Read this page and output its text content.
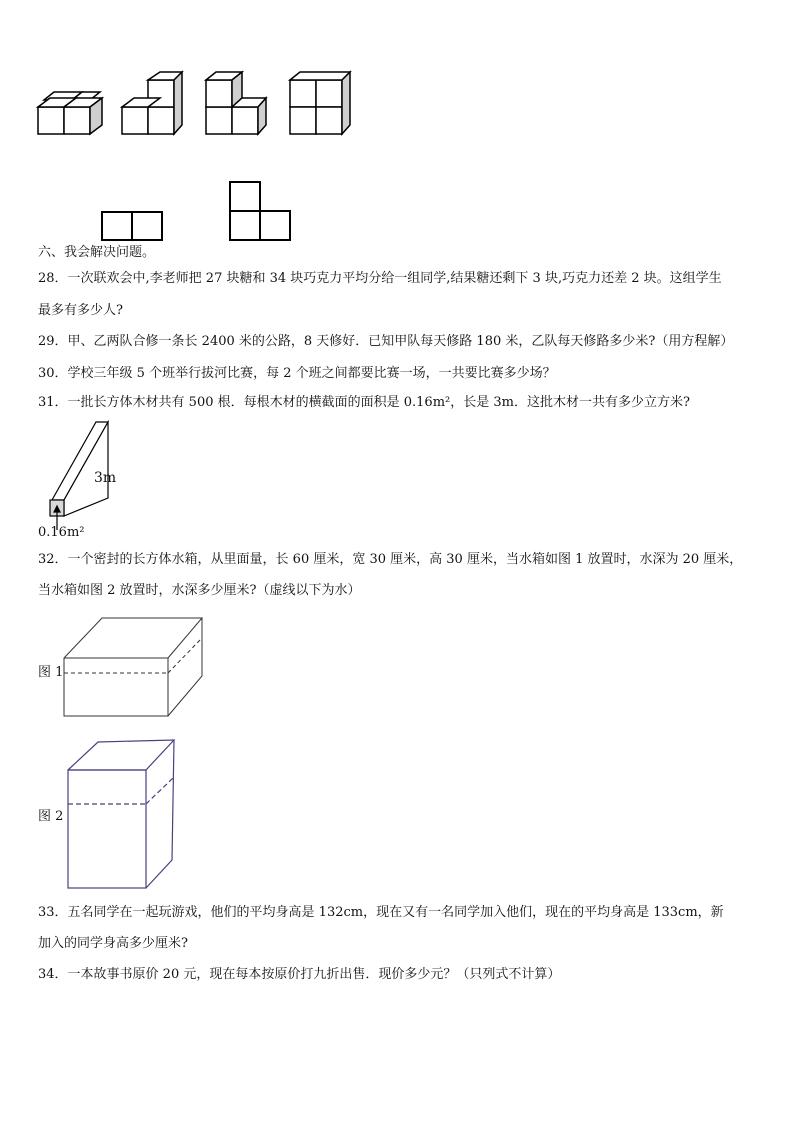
六、我会解决问题。
28．一次联欢会中,李老师把 27 块糖和 34 块巧克力平均分给一组同学,结果糖还剩下 3 块,巧克力还差 2 块。这组学生
最多有多少人?
29．甲、乙两队合修一条长 2400 米的公路，8 天修好．已知甲队每天修路 180 米，乙队每天修路多少米?（用方程解）
30．学校三年级 5 个班举行拔河比赛，每 2 个班之间都要比赛一场，一共要比赛多少场？
31．一批长方体木材共有 500 根．每根木材的横截面的面积是 0.16m²，长是 3m．这批木材一共有多少立方米?
3m
0.16m²
32．一个密封的长方体水箱，从里面量，长 60 厘米，宽 30 厘米，高 30 厘米，当水箱如图 1 放置时，水深为 20 厘米，
当水箱如图 2 放置时，水深多少厘米?（虚线以下为水）
图 1
图 2
33．五名同学在一起玩游戏，他们的平均身高是 132cm，现在又有一名同学加入他们，现在的平均身高是 133cm，新
加入的同学身高多少厘米?
34．一本故事书原价 20 元，现在每本按原价打九折出售．现价多少元？（只列式不计算）
